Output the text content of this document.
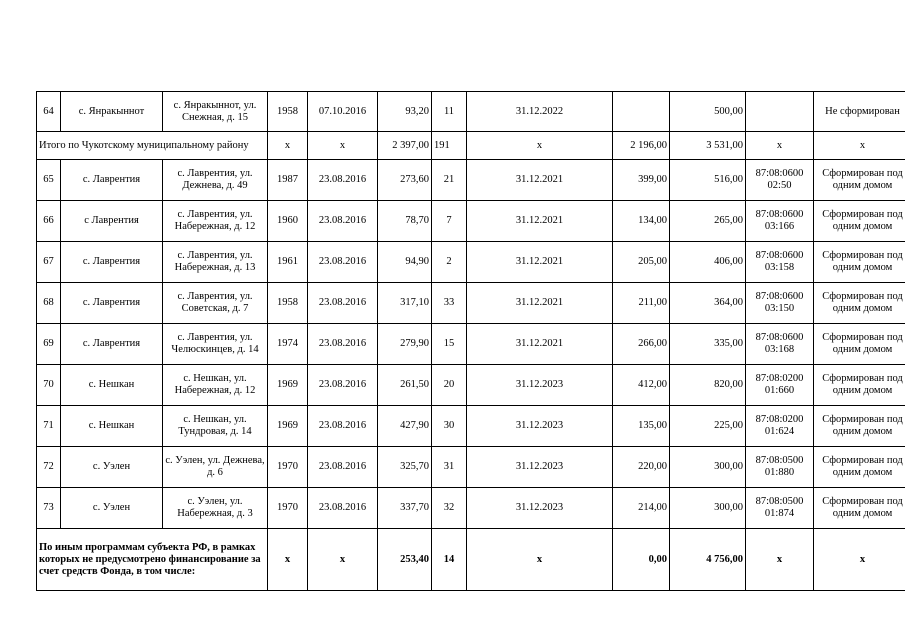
64	с. Янракыннот	с. Янракыннот, ул. Снежная, д. 15	1958	07.10.2016	93,20	11	31.12.2022		500,00		Не сформирован
Итого по Чукотскому муниципальному району			x	x	2 397,00	191	x	2 196,00	3 531,00	x	x
65	с. Лаврентия	с. Лаврентия, ул. Дежнева, д. 49	1987	23.08.2016	273,60	21	31.12.2021	399,00	516,00	87:08:0600 02:50	Сформирован под одним домом
66	с Лаврентия	с. Лаврентия, ул. Набережная, д. 12	1960	23.08.2016	78,70	7	31.12.2021	134,00	265,00	87:08:0600 03:166	Сформирован под одним домом
67	с. Лаврентия	с. Лаврентия, ул. Набережная, д. 13	1961	23.08.2016	94,90	2	31.12.2021	205,00	406,00	87:08:0600 03:158	Сформирован под одним домом
68	с. Лаврентия	с. Лаврентия, ул. Советская, д. 7	1958	23.08.2016	317,10	33	31.12.2021	211,00	364,00	87:08:0600 03:150	Сформирован под одним домом
69	с. Лаврентия	с. Лаврентия, ул. Челюскинцев, д. 14	1974	23.08.2016	279,90	15	31.12.2021	266,00	335,00	87:08:0600 03:168	Сформирован под одним домом
70	с. Нешкан	с. Нешкан, ул. Набережная, д. 12	1969	23.08.2016	261,50	20	31.12.2023	412,00	820,00	87:08:0200 01:660	Сформирован под одним домом
71	с. Нешкан	с. Нешкан, ул. Тундровая, д. 14	1969	23.08.2016	427,90	30	31.12.2023	135,00	225,00	87:08:0200 01:624	Сформирован под одним домом
72	с. Уэлен	с. Уэлен, ул. Дежнева, д. 6	1970	23.08.2016	325,70	31	31.12.2023	220,00	300,00	87:08:0500 01:880	Сформирован под одним домом
73	с. Уэлен	с. Уэлен, ул. Набережная, д. 3	1970	23.08.2016	337,70	32	31.12.2023	214,00	300,00	87:08:0500 01:874	Сформирован под одним домом
По иным программам субъекта РФ, в рамках которых не предусмотрено финансирование за счет средств Фонда, в том числе:			x	x	253,40	14	x	0,00	4 756,00	x	x
